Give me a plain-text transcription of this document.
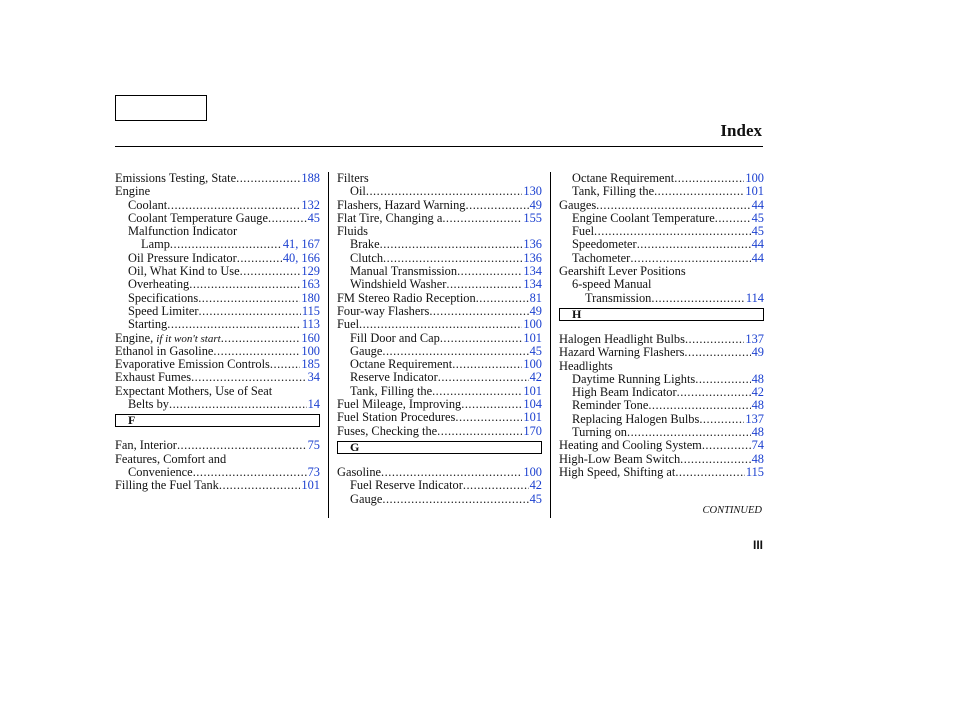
Index
Emissions Testing, State .....	188
Engine
Coolant .....	132
Coolant Temperature Gauge .....	45
Malfunction Indicator
Lamp .....	41, 167
Oil Pressure Indicator .....	40, 166
Oil, What Kind to Use .....	129
Overheating .....	163
Specifications .....	180
Speed Limiter .....	115
Starting .....	113
Engine, if it won't start .....	160
Ethanol in Gasoline .....	100
Evaporative Emission Controls .....	185
Exhaust Fumes .....	34
Expectant Mothers, Use of Seat
Belts by .....	14
F
Fan, Interior .....	75
Features, Comfort and
Convenience .....	73
Filling the Fuel Tank .....	101
Filters
Oil .....	130
Flashers, Hazard Warning .....	49
Flat Tire, Changing a .....	155
Fluids
Brake .....	136
Clutch .....	136
Manual Transmission .....	134
Windshield Washer .....	134
FM Stereo Radio Reception .....	81
Four-way Flashers .....	49
Fuel .....	100
Fill Door and Cap .....	101
Gauge .....	45
Octane Requirement .....	100
Reserve Indicator .....	42
Tank, Filling the .....	101
Fuel Mileage, Improving .....	104
Fuel Station Procedures .....	101
Fuses, Checking the .....	170
G
Gasoline .....	100
Fuel Reserve Indicator .....	42
Gauge .....	45
Octane Requirement .....	100
Tank, Filling the .....	101
Gauges .....	44
Engine Coolant Temperature .....	45
Fuel .....	45
Speedometer .....	44
Tachometer .....	44
Gearshift Lever Positions
6-speed Manual
Transmission .....	114
H
Halogen Headlight Bulbs .....	137
Hazard Warning Flashers .....	49
Headlights
Daytime Running Lights .....	48
High Beam Indicator .....	42
Reminder Tone .....	48
Replacing Halogen Bulbs .....	137
Turning on .....	48
Heating and Cooling System .....	74
High-Low Beam Switch .....	48
High Speed, Shifting at .....	115
CONTINUED
III
